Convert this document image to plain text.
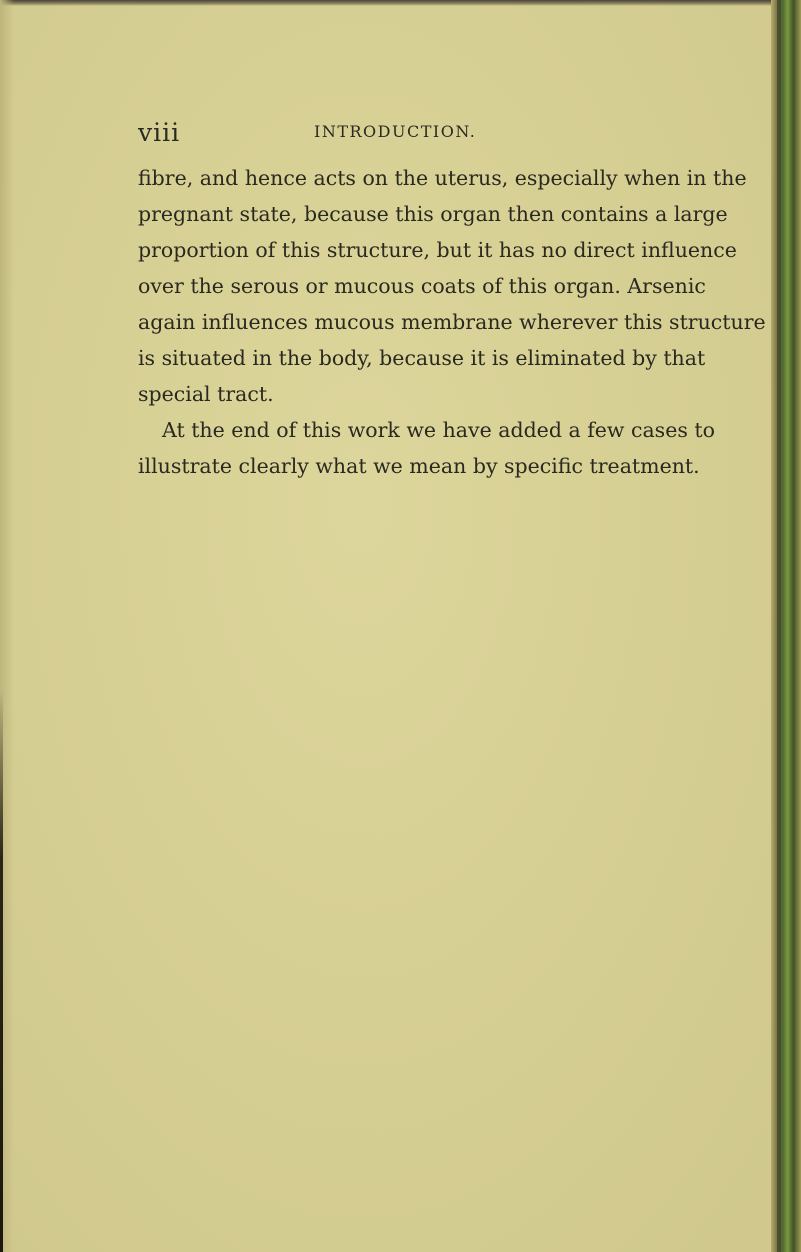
viii	INTRODUCTION.

fibre, and hence acts on the uterus, especially when in the
pregnant state, because this organ then contains a large
proportion of this structure, but it has no direct influence
over the serous or mucous coats of this organ. Arsenic
again influences mucous membrane wherever this structure
is situated in the body, because it is eliminated by that
special tract.

At the end of this work we have added a few cases to
illustrate clearly what we mean by specific treatment.
